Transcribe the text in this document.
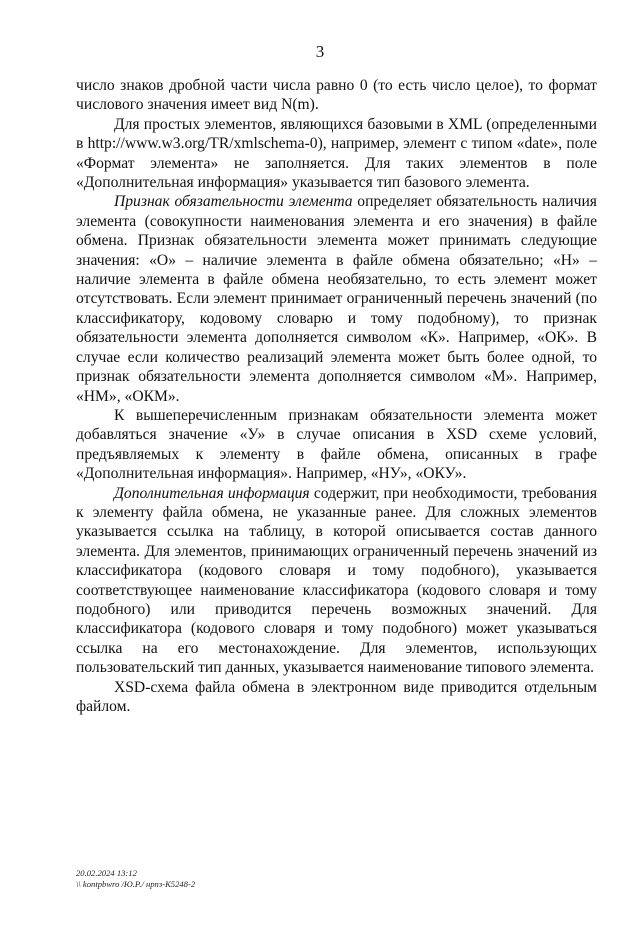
3

число знаков дробной части числа равно 0 (то есть число целое), то формат числового значения имеет вид N(m).

Для простых элементов, являющихся базовыми в XML (определенными в http://www.w3.org/TR/xmlschema-0), например, элемент с типом «date», поле «Формат элемента» не заполняется. Для таких элементов в поле «Дополнительная информация» указывается тип базового элемента.

Признак обязательности элемента определяет обязательность наличия элемента (совокупности наименования элемента и его значения) в файле обмена. Признак обязательности элемента может принимать следующие значения: «О» – наличие элемента в файле обмена обязательно; «Н» – наличие элемента в файле обмена необязательно, то есть элемент может отсутствовать. Если элемент принимает ограниченный перечень значений (по классификатору, кодовому словарю и тому подобному), то признак обязательности элемента дополняется символом «К». Например, «ОК». В случае если количество реализаций элемента может быть более одной, то признак обязательности элемента дополняется символом «М». Например, «НМ», «ОКМ».

К вышеперечисленным признакам обязательности элемента может добавляться значение «У» в случае описания в XSD схеме условий, предъявляемых к элементу в файле обмена, описанных в графе «Дополнительная информация». Например, «НУ», «ОКУ».

Дополнительная информация содержит, при необходимости, требования к элементу файла обмена, не указанные ранее. Для сложных элементов указывается ссылка на таблицу, в которой описывается состав данного элемента. Для элементов, принимающих ограниченный перечень значений из классификатора (кодового словаря и тому подобного), указывается соответствующее наименование классификатора (кодового словаря и тому подобного) или приводится перечень возможных значений. Для классификатора (кодового словаря и тому подобного) может указываться ссылка на его местонахождение. Для элементов, использующих пользовательский тип данных, указывается наименование типового элемента.

XSD-схема файла обмена в электронном виде приводится отдельным файлом.

20.02.2024 13:12
\\ kontpbwro /Ю.Р./ нрпз-К5248-2
